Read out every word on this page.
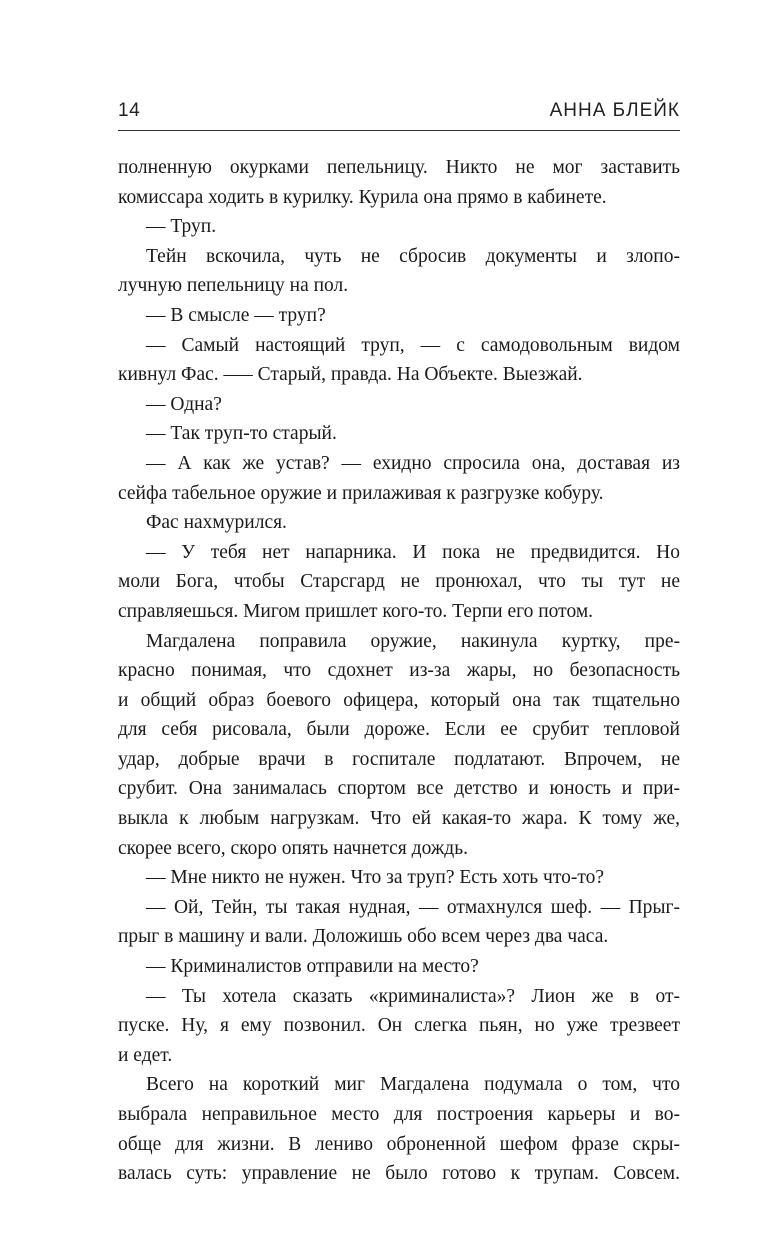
14	АННА БЛЕЙК
полненную окурками пепельницу. Никто не мог заставить
комиссара ходить в курилку. Курила она прямо в кабинете.
— Труп.
Тейн вскочила, чуть не сбросив документы и злопо-
лучную пепельницу на пол.
— В смысле — труп?
— Самый настоящий труп, — с самодовольным видом
кивнул Фас. –— Старый, правда. На Объекте. Выезжай.
— Одна?
— Так труп-то старый.
— А как же устав? — ехидно спросила она, доставая из
сейфа табельное оружие и прилаживая к разгрузке кобуру.
Фас нахмурился.
— У тебя нет напарника. И пока не предвидится. Но
моли Бога, чтобы Старсгард не пронюхал, что ты тут не
справляешься. Мигом пришлет кого-то. Терпи его потом.
Магдалена поправила оружие, накинула куртку, пре-
красно понимая, что сдохнет из-за жары, но безопасность
и общий образ боевого офицера, который она так тщательно
для себя рисовала, были дороже. Если ее срубит тепловой
удар, добрые врачи в госпитале подлатают. Впрочем, не
срубит. Она занималась спортом все детство и юность и при-
выкла к любым нагрузкам. Что ей какая-то жара. К тому же,
скорее всего, скоро опять начнется дождь.
— Мне никто не нужен. Что за труп? Есть хоть что-то?
— Ой, Тейн, ты такая нудная, — отмахнулся шеф. — Прыг-
прыг в машину и вали. Доложишь обо всем через два часа.
— Криминалистов отправили на место?
— Ты хотела сказать «криминалиста»? Лион же в от-
пуске. Ну, я ему позвонил. Он слегка пьян, но уже трезвеет
и едет.
Всего на короткий миг Магдалена подумала о том, что
выбрала неправильное место для построения карьеры и во-
обще для жизни. В лениво оброненной шефом фразе скры-
валась суть: управление не было готово к трупам. Совсем.
